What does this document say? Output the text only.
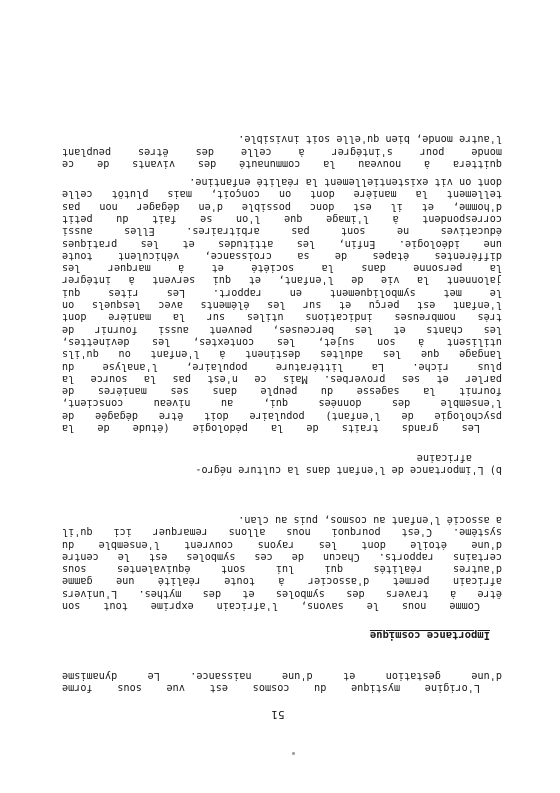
51
L'origine mystique du cosmos est vue sous forme
d'une gestation et d'une naissance. Le dynamisme
Importance cosmique
Comme nous le savons, l'africain exprime tout son
être à travers des symboles et des mythes. L'univers
africain permet d'associer à toute réalité une gamme
d'autres réalités qui lui sont équivalentes sous
certains rapports. Chacun de ces symboles est le centre
d'une étoile dont les rayons couvrent l'ensemble du
système. C'est pourquoi nous allons remarquer ici qu'il
a associé l'enfant au cosmos, puis au clan.
b) L'importance de l'enfant dans la culture négro-
africaine
Les grands traits de la pédologie (étude de la
psychologie de l'enfant) populaire doit être dégagée de
l'ensemble des données qui, au niveau conscient,
fournit la sagesse du peuple dans ses manières de
parler et ses proverbes. Mais ce n'est pas la source la
plus riche. La littérature populaire, l'analyse du
langage que les adultes destinent à l'enfant ou qu'ils
utilisent à son sujet, les contextes, les devinettes,
les chants et les berceuses, peuvent aussi fournir de
très nombreuses indications utiles sur la manière dont
l'enfant est perçu et sur les éléments avec lesquels on
le met symboliquement en rapport. Les rites qui
jalonnent la vie de l'enfant, et qui servent à intégrer
la personne dans la société et à marquer les
différentes étapes de sa croissance, véhiculent toute
une idéologie. Enfin, les attitudes et les pratiques
éducatives ne sont pas arbitraires. Elles aussi
correspondent à l'image que l'on se fait du petit
d'homme, et il est donc possible d'en dégager non pas
tellement la manière dont on conçoit, mais plutôt celle
dont on vit existentiellement la réalité enfantine.
quittera à nouveau la communauté des vivants de ce
monde pour s'intégrer à celle des êtres peuplant
l'autre monde, bien qu'elle soit invisible.
